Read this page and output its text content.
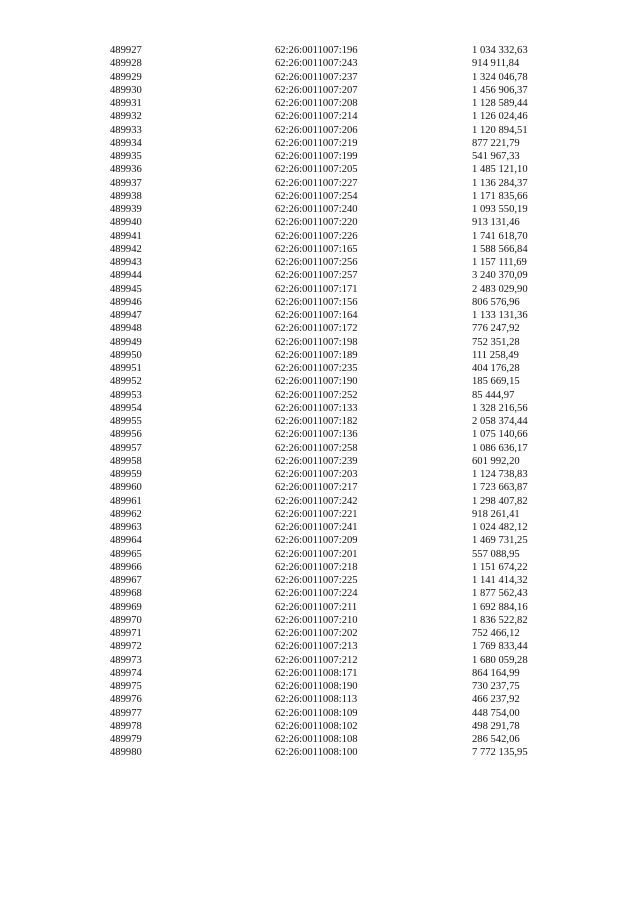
489927	62:26:0011007:196	1 034 332,63
489928	62:26:0011007:243	914 911,84
489929	62:26:0011007:237	1 324 046,78
489930	62:26:0011007:207	1 456 906,37
489931	62:26:0011007:208	1 128 589,44
489932	62:26:0011007:214	1 126 024,46
489933	62:26:0011007:206	1 120 894,51
489934	62:26:0011007:219	877 221,79
489935	62:26:0011007:199	541 967,33
489936	62:26:0011007:205	1 485 121,10
489937	62:26:0011007:227	1 136 284,37
489938	62:26:0011007:254	1 171 835,66
489939	62:26:0011007:240	1 093 550,19
489940	62:26:0011007:220	913 131,46
489941	62:26:0011007:226	1 741 618,70
489942	62:26:0011007:165	1 588 566,84
489943	62:26:0011007:256	1 157 111,69
489944	62:26:0011007:257	3 240 370,09
489945	62:26:0011007:171	2 483 029,90
489946	62:26:0011007:156	806 576,96
489947	62:26:0011007:164	1 133 131,36
489948	62:26:0011007:172	776 247,92
489949	62:26:0011007:198	752 351,28
489950	62:26:0011007:189	111 258,49
489951	62:26:0011007:235	404 176,28
489952	62:26:0011007:190	185 669,15
489953	62:26:0011007:252	85 444,97
489954	62:26:0011007:133	1 328 216,56
489955	62:26:0011007:182	2 058 374,44
489956	62:26:0011007:136	1 075 140,66
489957	62:26:0011007:258	1 086 636,17
489958	62:26:0011007:239	601 992,20
489959	62:26:0011007:203	1 124 738,83
489960	62:26:0011007:217	1 723 663,87
489961	62:26:0011007:242	1 298 407,82
489962	62:26:0011007:221	918 261,41
489963	62:26:0011007:241	1 024 482,12
489964	62:26:0011007:209	1 469 731,25
489965	62:26:0011007:201	557 088,95
489966	62:26:0011007:218	1 151 674,22
489967	62:26:0011007:225	1 141 414,32
489968	62:26:0011007:224	1 877 562,43
489969	62:26:0011007:211	1 692 884,16
489970	62:26:0011007:210	1 836 522,82
489971	62:26:0011007:202	752 466,12
489972	62:26:0011007:213	1 769 833,44
489973	62:26:0011007:212	1 680 059,28
489974	62:26:0011008:171	864 164,99
489975	62:26:0011008:190	730 237,75
489976	62:26:0011008:113	466 237,92
489977	62:26:0011008:109	448 754,00
489978	62:26:0011008:102	498 291,78
489979	62:26:0011008:108	286 542,06
489980	62:26:0011008:100	7 772 135,95
